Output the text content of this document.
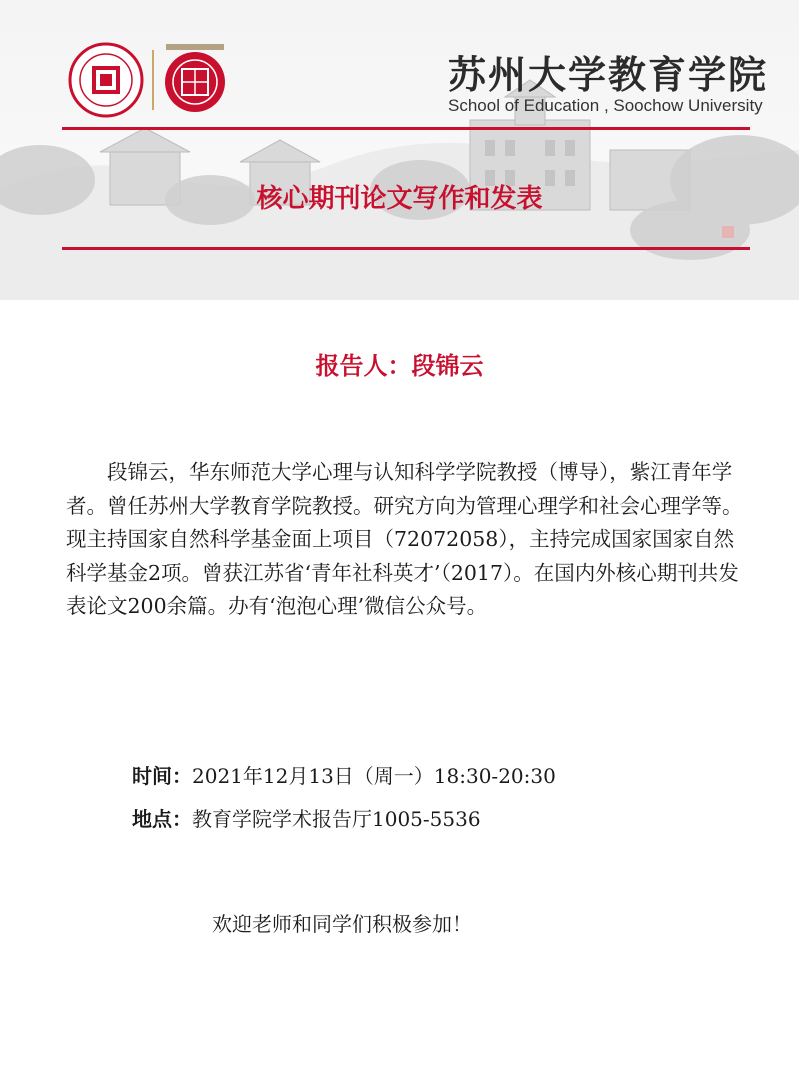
苏州大学教育学院
School of Education , Soochow University
核心期刊论文写作和发表
报告人：段锦云

段锦云，华东师范大学心理与认知科学学院教授（博导），紫江青年学者。曾任苏州大学教育学院教授。研究方向为管理心理学和社会心理学等。现主持国家自然科学基金面上项目（72072058），主持完成国家国家自然科学基金2项。曾获江苏省‘青年社科英才’（2017）。在国内外核心期刊共发表论文200余篇。办有‘泡泡心理’微信公众号。

时间：2021年12月13日（周一）18:30-20:30
地点：教育学院学术报告厅1005-5536
欢迎老师和同学们积极参加！
